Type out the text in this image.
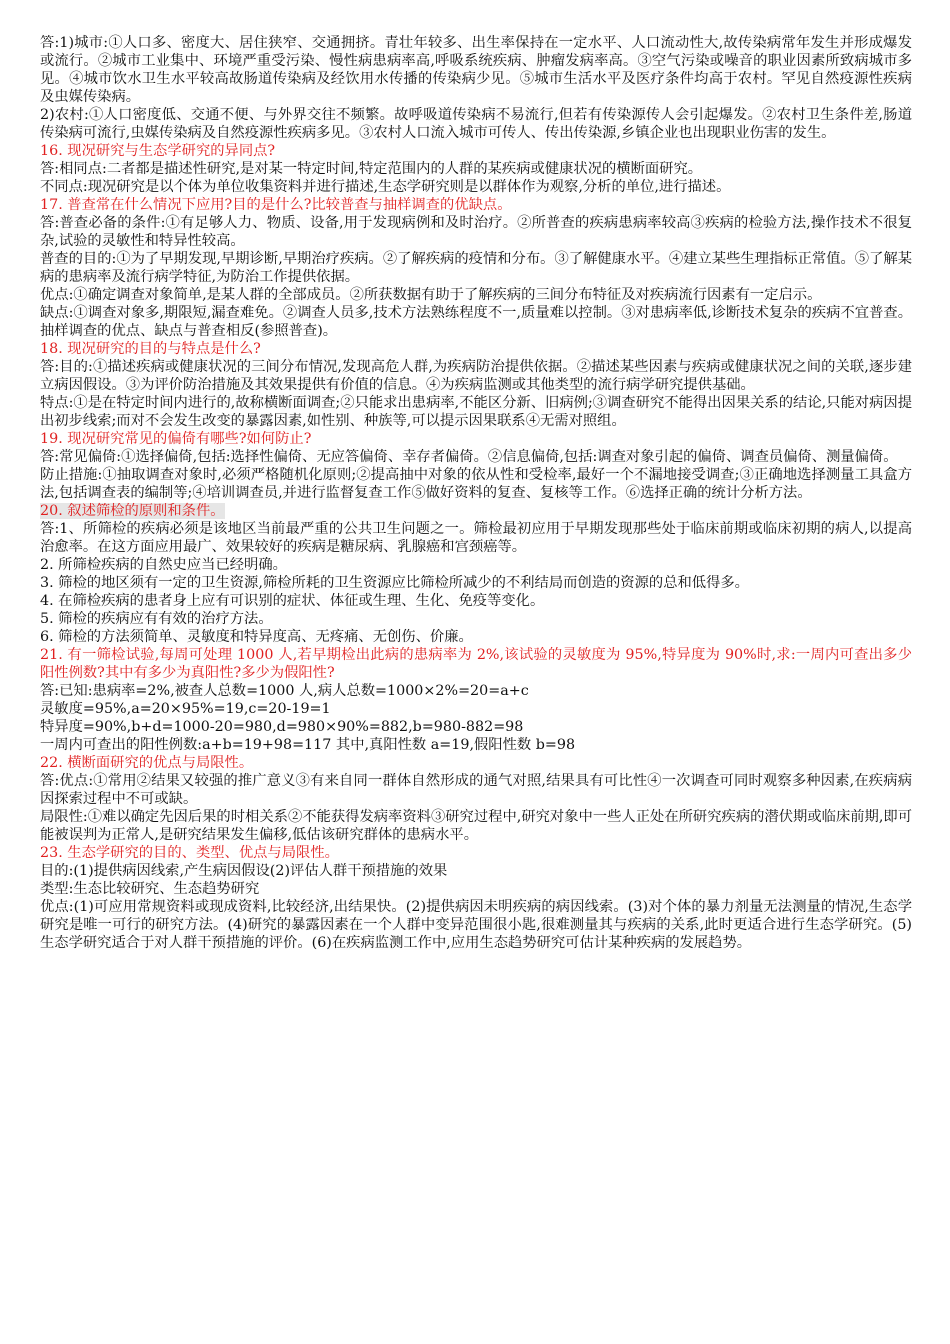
答:1)城市:①人口多、密度大、居住狭窄、交通拥挤。青壮年较多、出生率保持在一定水平、人口流动性大,故传染病常年发生并形成爆发或流行。②城市工业集中、环境严重受污染、慢性病患病率高,呼吸系统疾病、肿瘤发病率高。③空气污染或噪音的职业因素所致病城市多见。④城市饮水卫生水平较高故肠道传染病及经饮用水传播的传染病少见。⑤城市生活水平及医疗条件均高于农村。罕见自然疫源性疾病及虫媒传染病。

2)农村:①人口密度低、交通不便、与外界交往不频繁。故呼吸道传染病不易流行,但若有传染源传人会引起爆发。②农村卫生条件差,肠道传染病可流行,虫媒传染病及自然疫源性疾病多见。③农村人口流入城市可传人、传出传染源,乡镇企业也出现职业伤害的发生。

16. 现况研究与生态学研究的异同点?

答:相同点:二者都是描述性研究,是对某一特定时间,特定范围内的人群的某疾病或健康状况的横断面研究。

不同点:现况研究是以个体为单位收集资料并进行描述,生态学研究则是以群体作为观察,分析的单位,进行描述。

17. 普查常在什么情况下应用?目的是什么?比较普查与抽样调查的优缺点。

答:普查必备的条件:①有足够人力、物质、设备,用于发现病例和及时治疗。②所普查的疾病患病率较高③疾病的检验方法,操作技术不很复杂,试验的灵敏性和特异性较高。

普查的目的:①为了早期发现,早期诊断,早期治疗疾病。②了解疾病的疫情和分布。③了解健康水平。④建立某些生理指标正常值。⑤了解某病的患病率及流行病学特征,为防治工作提供依据。

优点:①确定调查对象简单,是某人群的全部成员。②所获数据有助于了解疾病的三间分布特征及对疾病流行因素有一定启示。

缺点:①调查对象多,期限短,漏查难免。②调查人员多,技术方法熟练程度不一,质量难以控制。③对患病率低,诊断技术复杂的疾病不宜普查。抽样调查的优点、缺点与普查相反(参照普查)。

18. 现况研究的目的与特点是什么?

答:目的:①描述疾病或健康状况的三间分布情况,发现高危人群,为疾病防治提供依据。②描述某些因素与疾病或健康状况之间的关联,逐步建立病因假设。③为评价防治措施及其效果提供有价值的信息。④为疾病监测或其他类型的流行病学研究提供基础。

特点:①是在特定时间内进行的,故称横断面调查;②只能求出患病率,不能区分新、旧病例;③调查研究不能得出因果关系的结论,只能对病因提出初步线索;而对不会发生改变的暴露因素,如性别、种族等,可以提示因果联系④无需对照组。

19. 现况研究常见的偏倚有哪些?如何防止?

答:常见偏倚:①选择偏倚,包括:选择性偏倚、无应答偏倚、幸存者偏倚。②信息偏倚,包括:调查对象引起的偏倚、调查员偏倚、测量偏倚。

防止措施:①抽取调查对象时,必须严格随机化原则;②提高抽中对象的依从性和受检率,最好一个不漏地接受调查;③正确地选择测量工具盒方法,包括调查表的编制等;④培训调查员,并进行监督复查工作⑤做好资料的复查、复核等工作。⑥选择正确的统计分析方法。

20. 叙述筛检的原则和条件。

答:1、所筛检的疾病必须是该地区当前最严重的公共卫生问题之一。筛检最初应用于早期发现那些处于临床前期或临床初期的病人,以提高治愈率。在这方面应用最广、效果较好的疾病是糖尿病、乳腺癌和宫颈癌等。

2. 所筛检疾病的自然史应当已经明确。

3. 筛检的地区须有一定的卫生资源,筛检所耗的卫生资源应比筛检所减少的不利结局而创造的资源的总和低得多。

4. 在筛检疾病的患者身上应有可识别的症状、体征或生理、生化、免疫等变化。

5. 筛检的疾病应有有效的治疗方法。

6. 筛检的方法须简单、灵敏度和特异度高、无疼痛、无创伤、价廉。

21. 有一筛检试验,每周可处理 1000 人,若早期检出此病的患病率为 2%,该试验的灵敏度为 95%,特异度为 90%时,求:一周内可查出多少阳性例数?其中有多少为真阳性?多少为假阳性?

答:已知:患病率=2%,被查人总数=1000 人,病人总数=1000×2%=20=a+c

灵敏度=95%,a=20×95%=19,c=20-19=1

特异度=90%,b+d=1000-20=980,d=980×90%=882,b=980-882=98

一周内可查出的阳性例数:a+b=19+98=117 其中,真阳性数 a=19,假阳性数 b=98

22. 横断面研究的优点与局限性。

答:优点:①常用②结果又较强的推广意义③有来自同一群体自然形成的通气对照,结果具有可比性④一次调查可同时观察多种因素,在疾病病因探索过程中不可或缺。

局限性:①难以确定先因后果的时相关系②不能获得发病率资料③研究过程中,研究对象中一些人正处在所研究疾病的潜伏期或临床前期,即可能被误判为正常人,是研究结果发生偏移,低估该研究群体的患病水平。

23. 生态学研究的目的、类型、优点与局限性。

目的:(1)提供病因线索,产生病因假设(2)评估人群干预措施的效果

类型:生态比较研究、生态趋势研究

优点:(1)可应用常规资料或现成资料,比较经济,出结果快。(2)提供病因未明疾病的病因线索。(3)对个体的暴力剂量无法测量的情况,生态学研究是唯一可行的研究方法。(4)研究的暴露因素在一个人群中变异范围很小匙,很难测量其与疾病的关系,此时更适合进行生态学研究。(5)生态学研究适合于对人群干预措施的评价。(6)在疾病监测工作中,应用生态趋势研究可估计某种疾病的发展趋势。
